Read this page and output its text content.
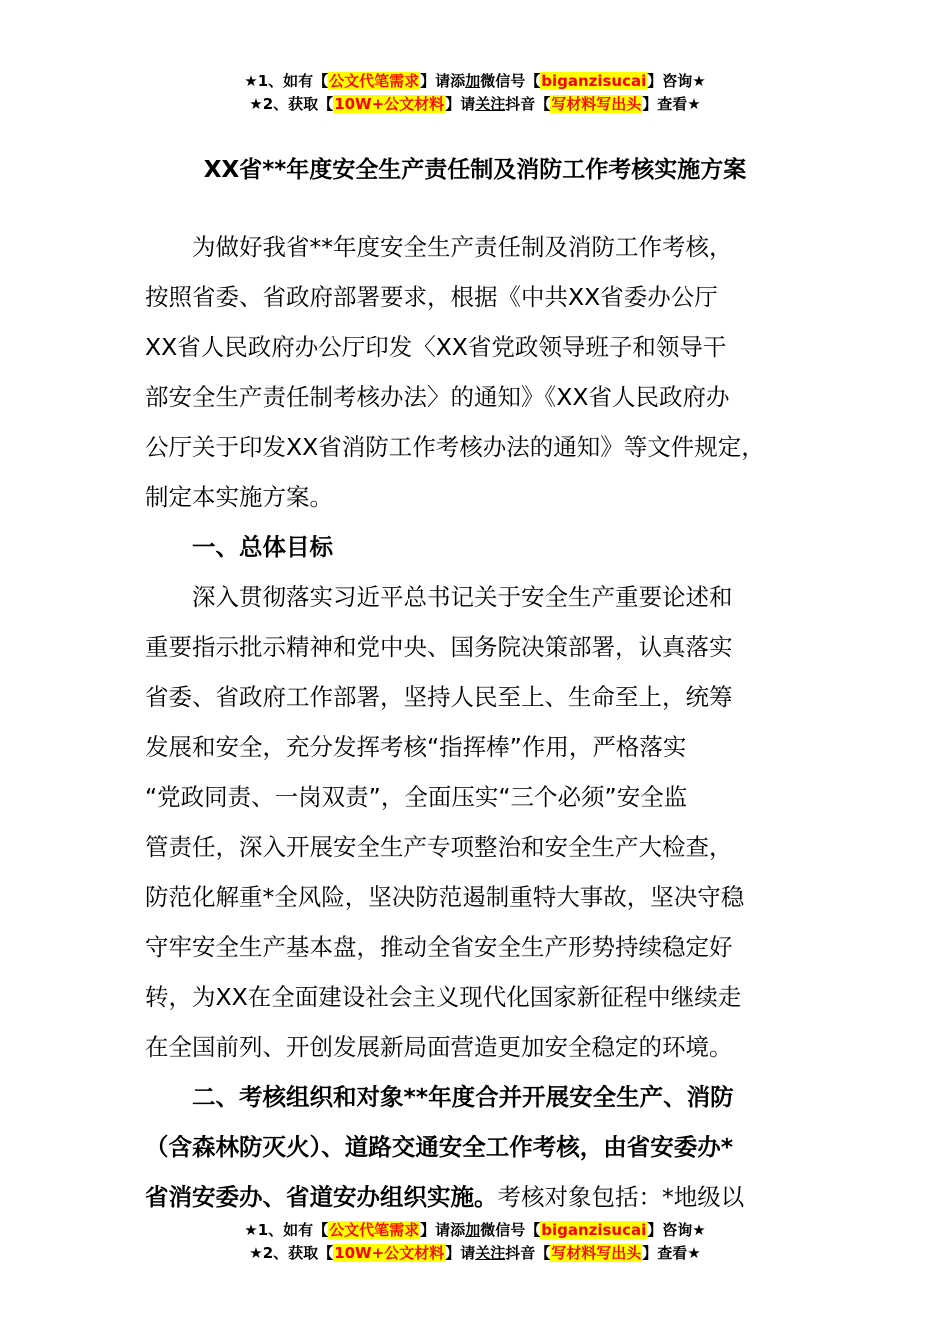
★1、如有【公文代笔需求】请添加微信号【biganzisucai】咨询★
★2、获取【10W+公文材料】请关注抖音【写材料写出头】查看★
XX省**年度安全生产责任制及消防工作考核实施方案
为做好我省**年度安全生产责任制及消防工作考核，
按照省委、省政府部署要求，根据《中共XX省委办公厅
XX省人民政府办公厅印发〈XX省党政领导班子和领导干
部安全生产责任制考核办法〉的通知》《XX省人民政府办
公厅关于印发XX省消防工作考核办法的通知》等文件规定，
制定本实施方案。
一、总体目标
深入贯彻落实习近平总书记关于安全生产重要论述和
重要指示批示精神和党中央、国务院决策部署，认真落实
省委、省政府工作部署，坚持人民至上、生命至上，统筹
发展和安全，充分发挥考核“指挥棒”作用，严格落实
“党政同责、一岗双责”，全面压实“三个必须”安全监
管责任，深入开展安全生产专项整治和安全生产大检查，
防范化解重*全风险，坚决防范遏制重特大事故，坚决守稳
守牢安全生产基本盘，推动全省安全生产形势持续稳定好
转，为XX在全面建设社会主义现代化国家新征程中继续走
在全国前列、开创发展新局面营造更加安全稳定的环境。
二、考核组织和对象**年度合并开展安全生产、消防
（含森林防灭火）、道路交通安全工作考核，由省安委办*
省消安委办、省道安办组织实施。考核对象包括：*地级以
★1、如有【公文代笔需求】请添加微信号【biganzisucai】咨询★
★2、获取【10W+公文材料】请关注抖音【写材料写出头】查看★
